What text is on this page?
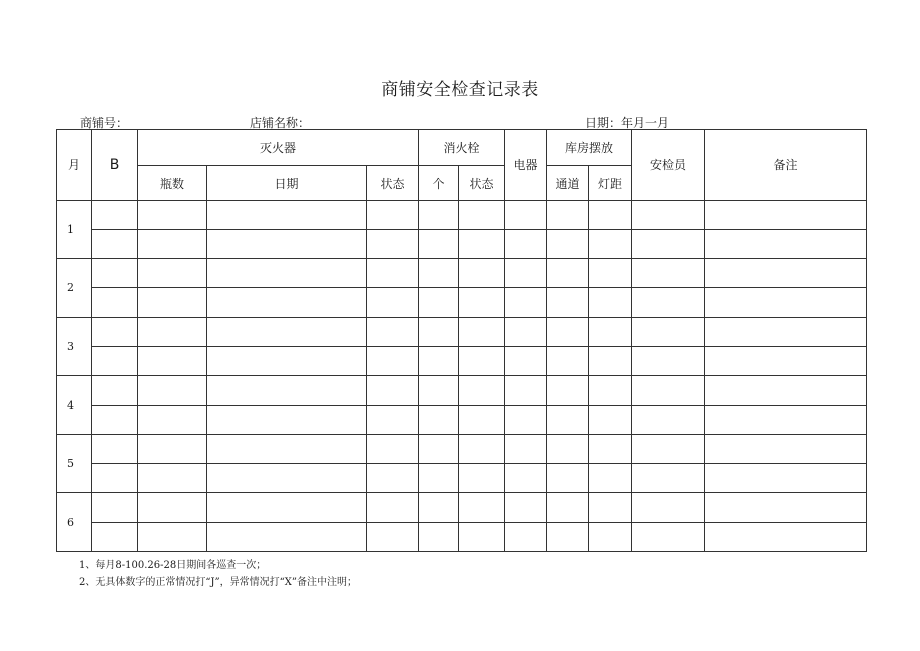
商铺安全检查记录表
商铺号：	店铺名称：	日期：年月一月
月	B	灭火器			消火栓		电器	库房摆放		安检员	备注
		瓶数	日期	状态	个	状态		通道	灯距		
1											

2											

3											

4											

5											

6											

1、每月8-100.26-28日期间各巡查一次；
2、无具体数字的正常情况打“J”，异常情况打“X”备注中注明；
